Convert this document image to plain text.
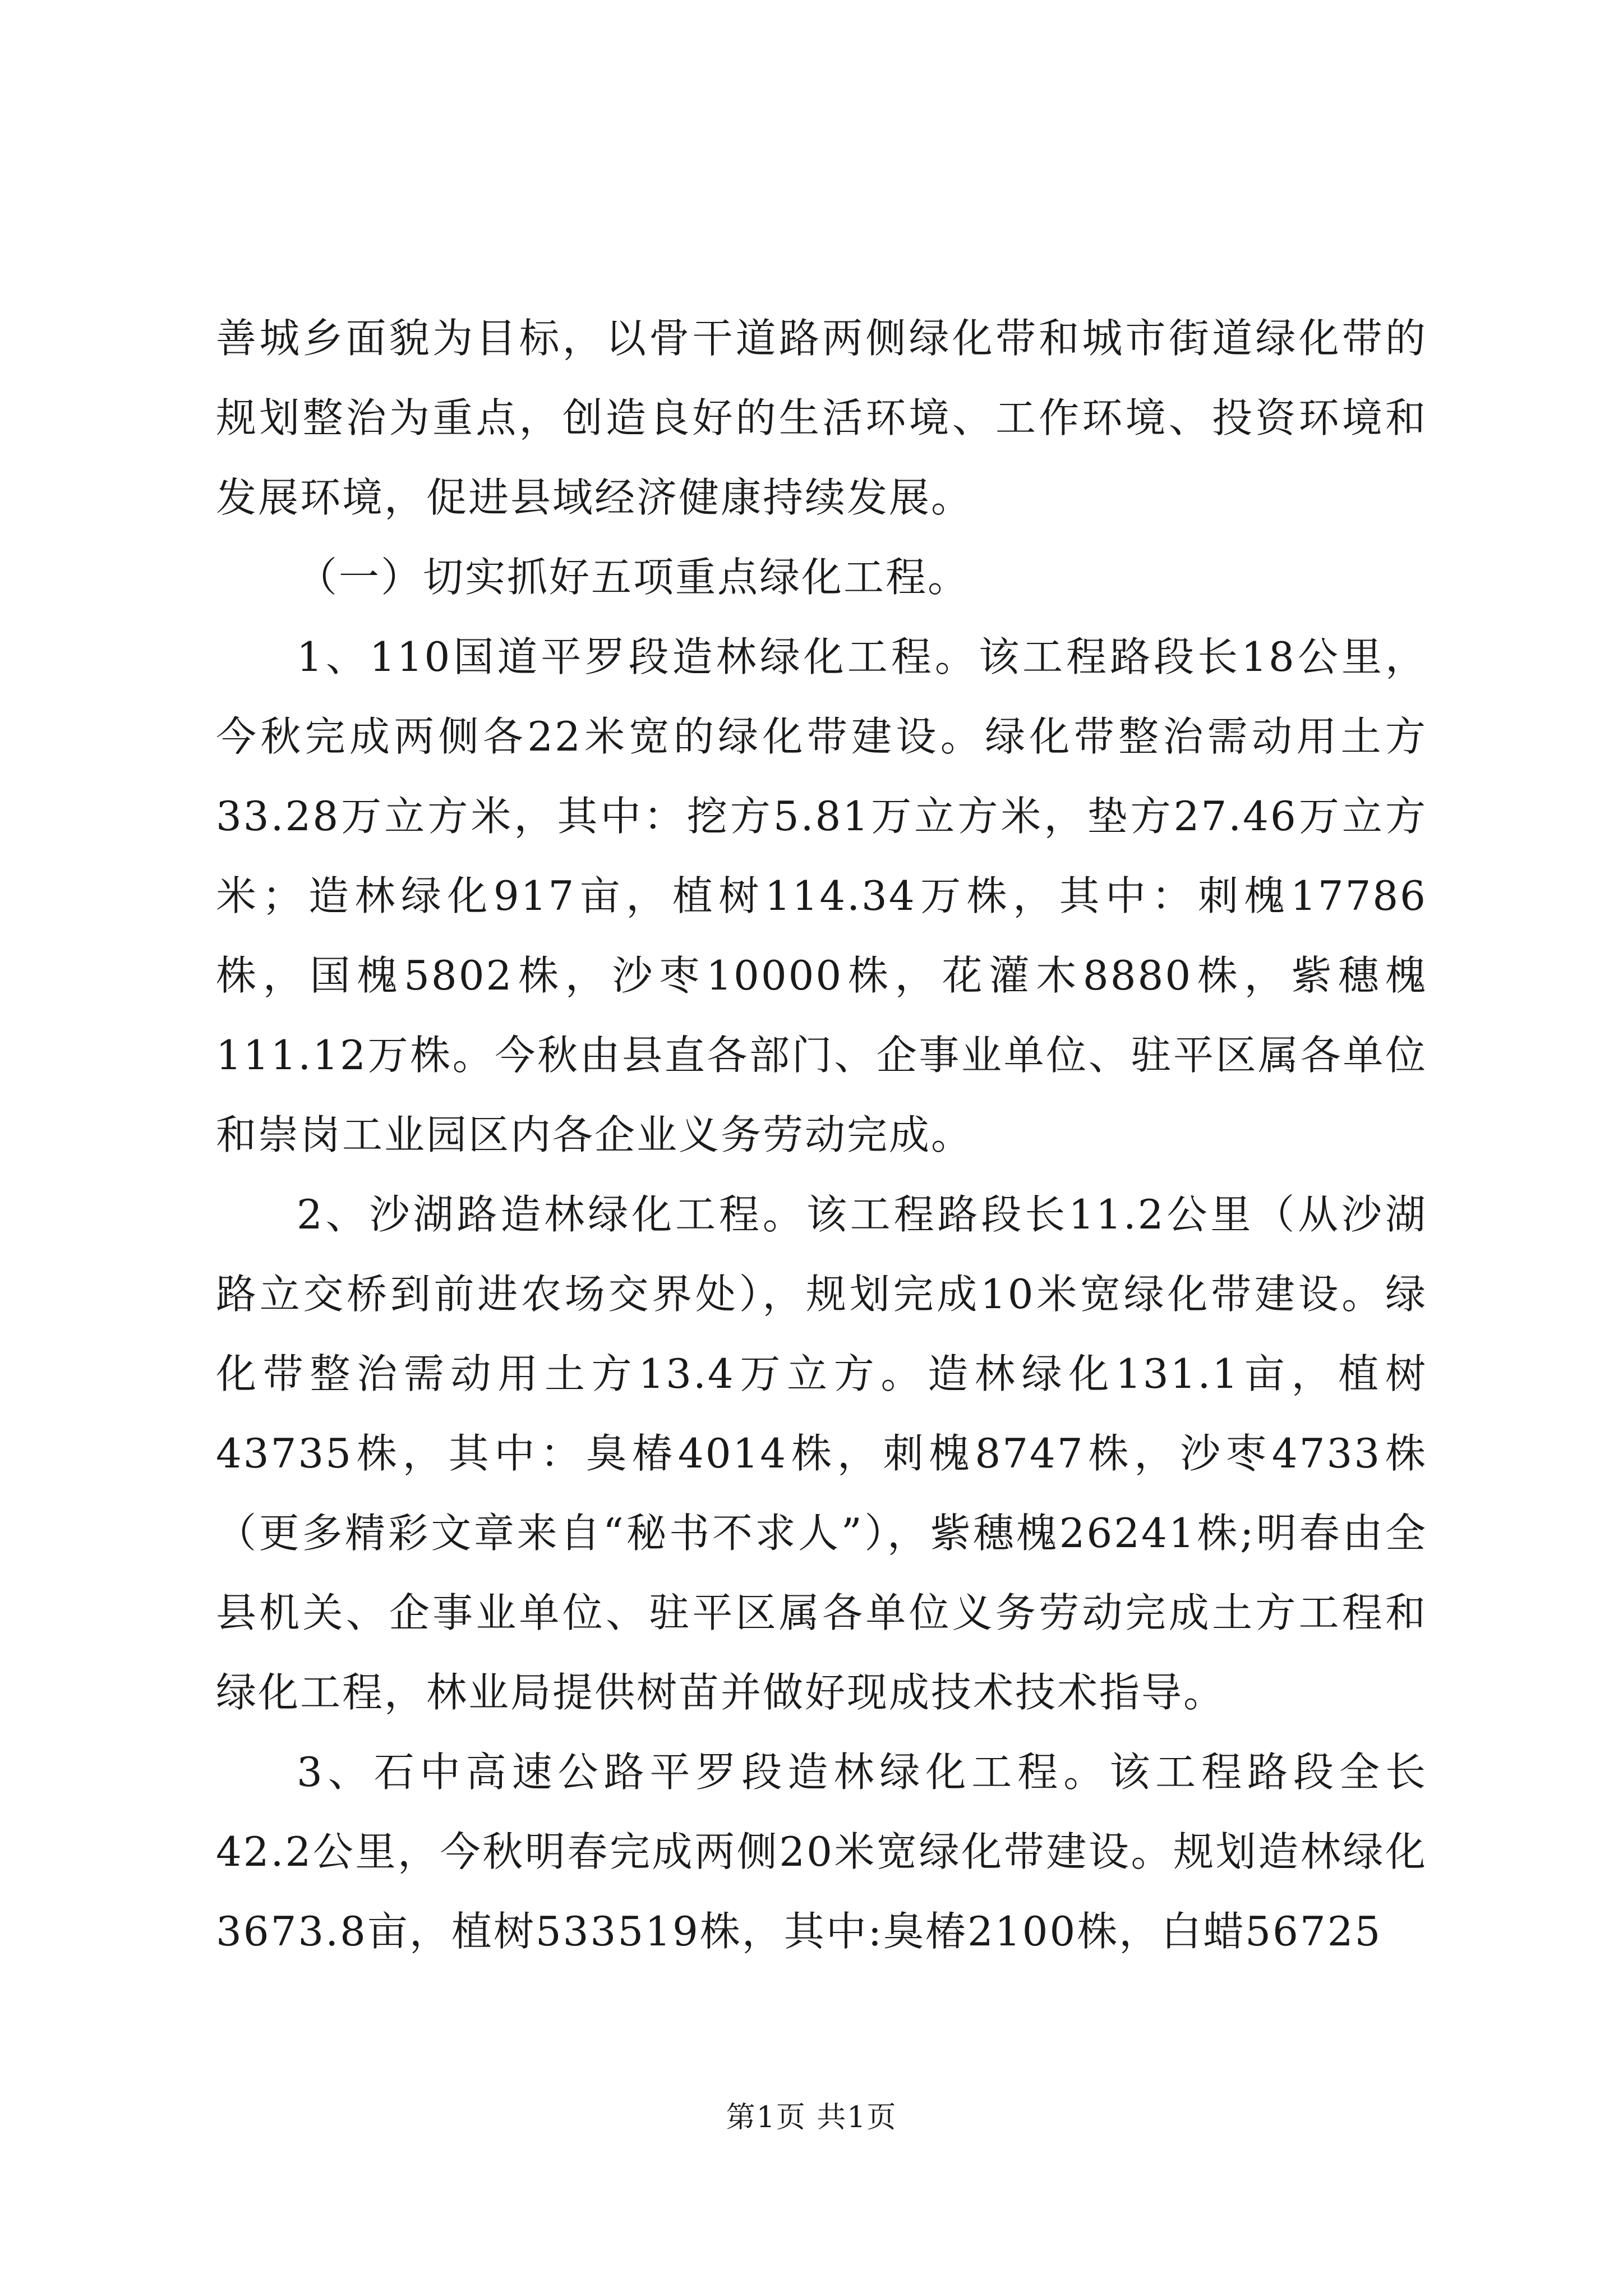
善城乡面貌为目标，以骨干道路两侧绿化带和城市街道绿化带的规划整治为重点，创造良好的生活环境、工作环境、投资环境和发展环境，促进县域经济健康持续发展。

（一）切实抓好五项重点绿化工程。

1、110国道平罗段造林绿化工程。该工程路段长18公里，今秋完成两侧各22米宽的绿化带建设。绿化带整治需动用土方33.28万立方米，其中：挖方5.81万立方米，垫方27.46万立方米；造林绿化917亩，植树114.34万株，其中：刺槐17786株，国槐5802株，沙枣10000株，花灌木8880株，紫穗槐111.12万株。今秋由县直各部门、企事业单位、驻平区属各单位和崇岗工业园区内各企业义务劳动完成。

2、沙湖路造林绿化工程。该工程路段长11.2公里（从沙湖路立交桥到前进农场交界处），规划完成10米宽绿化带建设。绿化带整治需动用土方13.4万立方。造林绿化131.1亩，植树43735株，其中：臭椿4014株，刺槐8747株，沙枣4733株（更多精彩文章来自“秘书不求人”），紫穗槐26241株;明春由全县机关、企事业单位、驻平区属各单位义务劳动完成土方工程和绿化工程，林业局提供树苗并做好现成技术技术指导。

3、石中高速公路平罗段造林绿化工程。该工程路段全长42.2公里，今秋明春完成两侧20米宽绿化带建设。规划造林绿化3673.8亩，植树533519株，其中:臭椿2100株，白蜡56725

第1页 共1页
